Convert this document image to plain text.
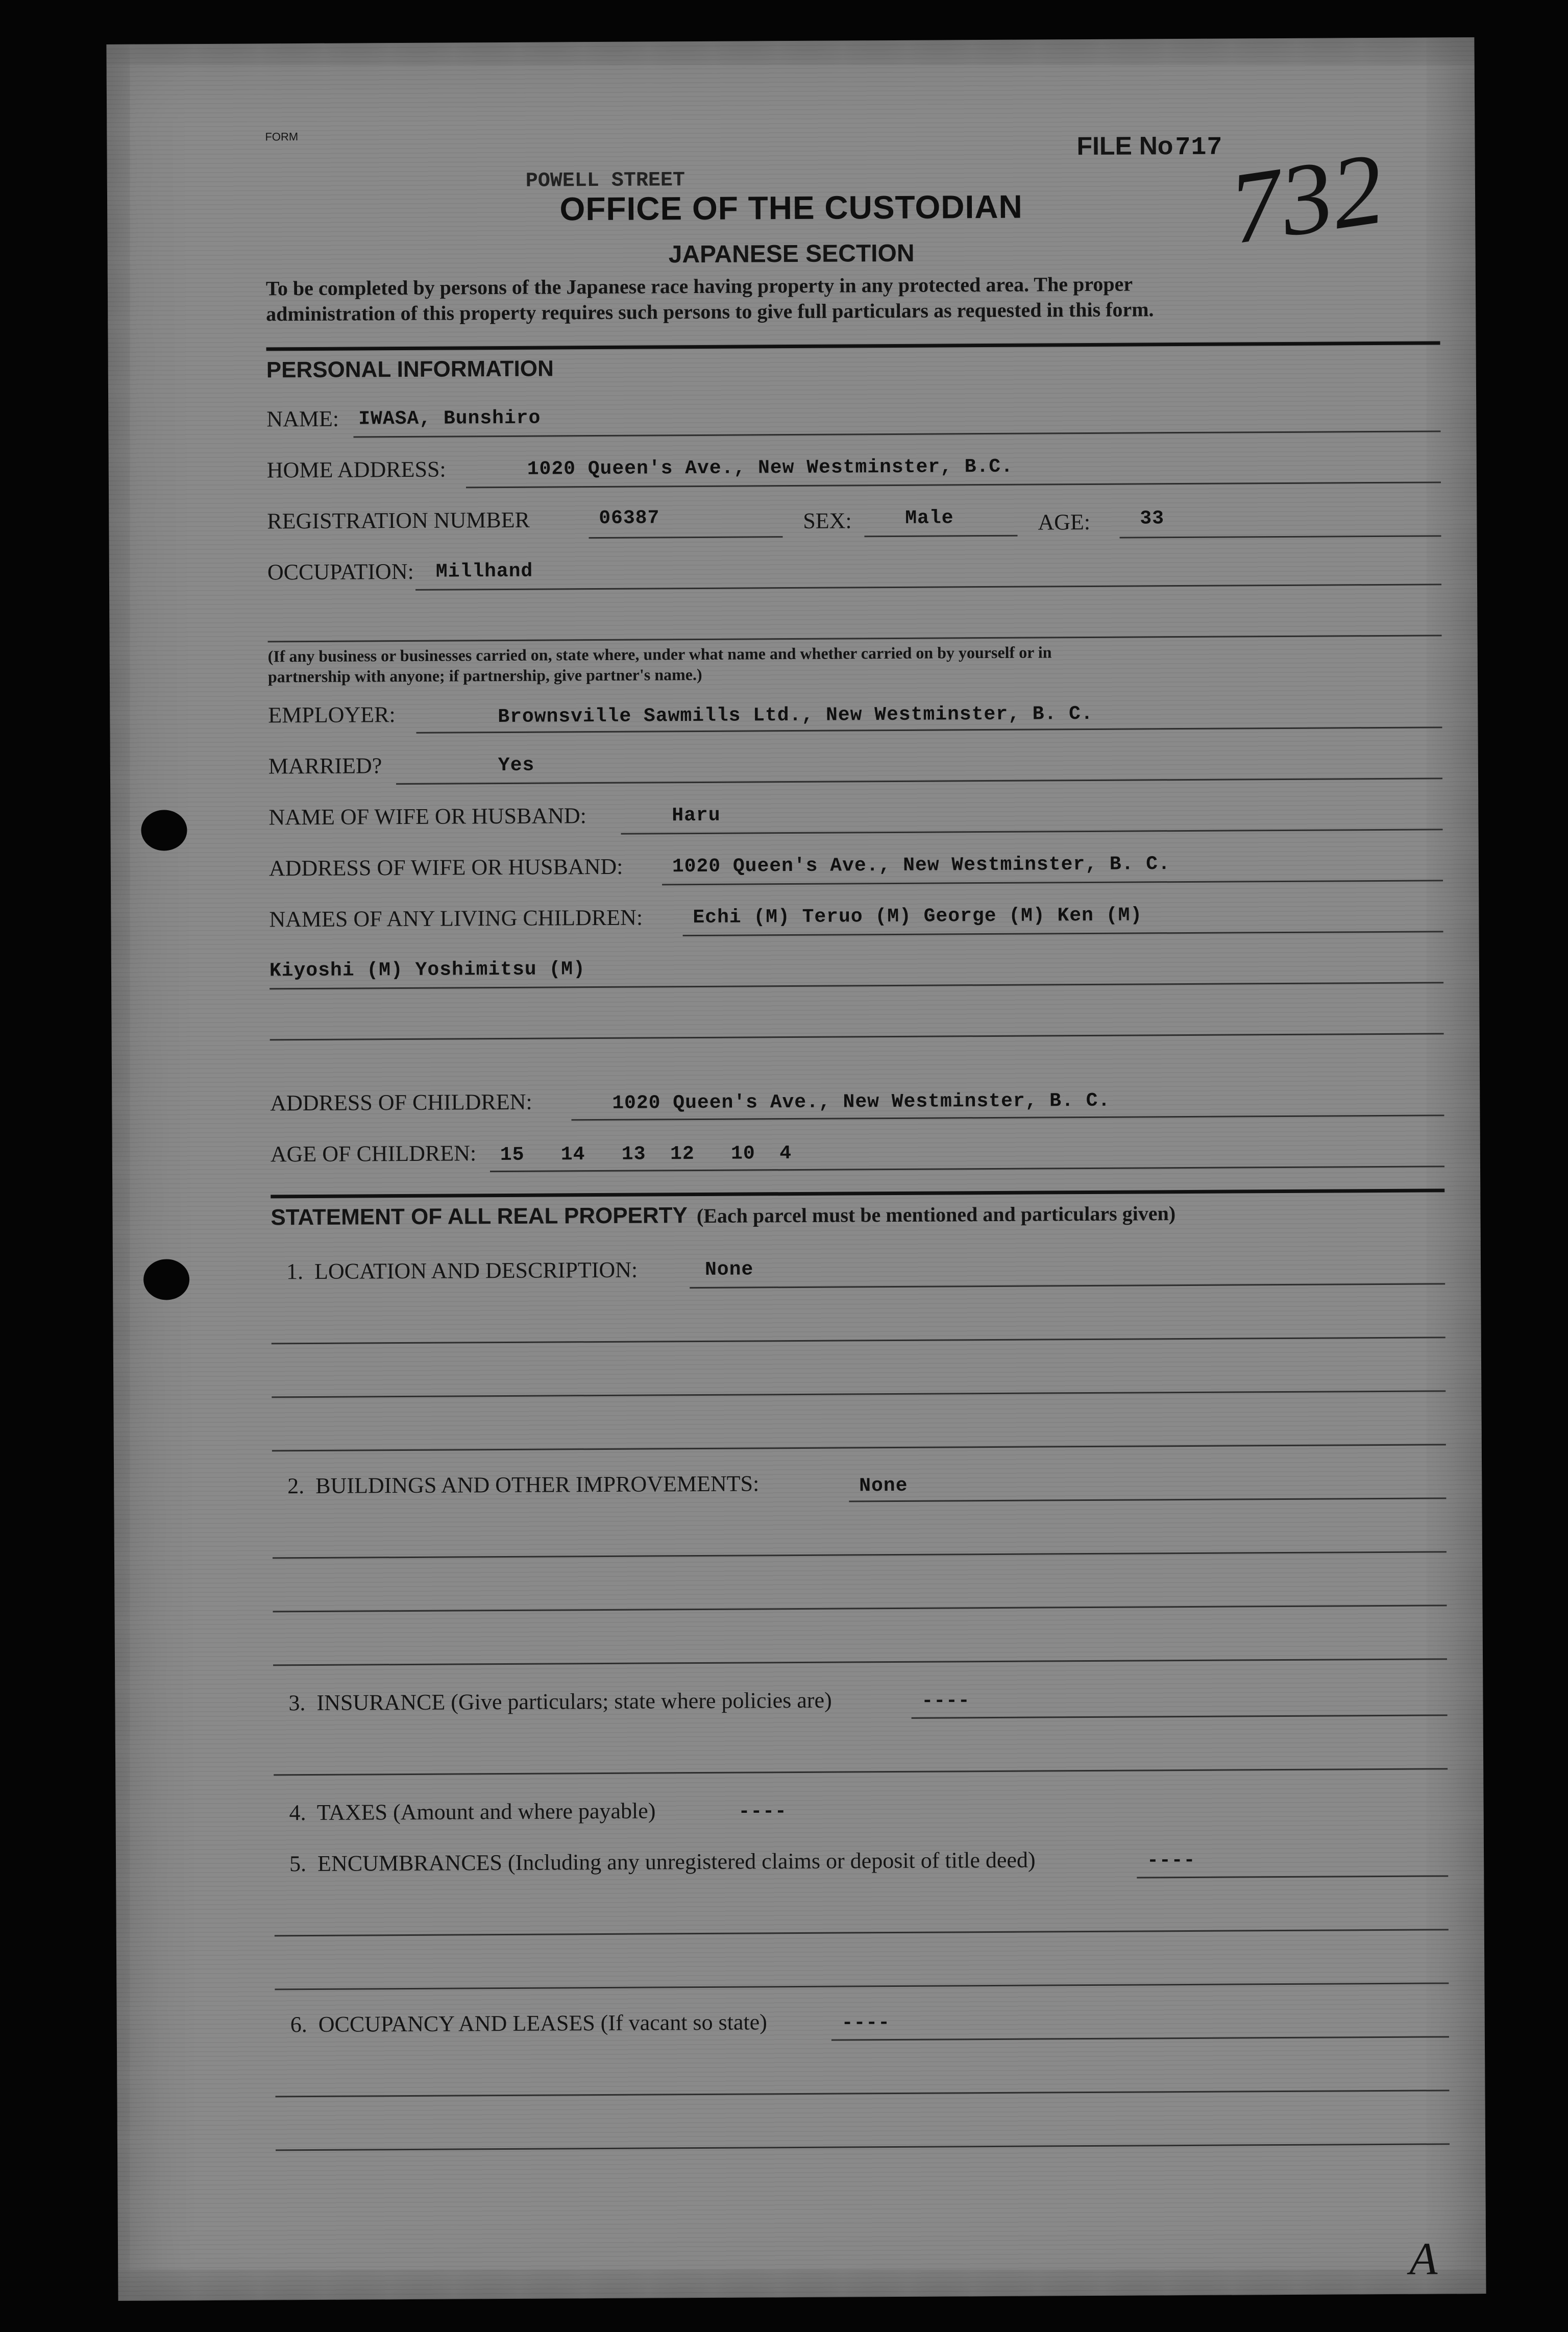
FORM	FILE No 717 732
POWELL STREET
OFFICE OF THE CUSTODIAN
JAPANESE SECTION
To be completed by persons of the Japanese race having property in any protected area. The proper
administration of this property requires such persons to give full particulars as requested in this form.
PERSONAL INFORMATION
NAME: IWASA, Bunshiro
HOME ADDRESS:	1020 Queen's Ave., New Westminster, B.C.
REGISTRATION NUMBER	06387	SEX:	Male	AGE:	33
OCCUPATION: Millhand
(If any business or businesses carried on, state where, under what name and whether carried on by yourself or in
partnership with anyone; if partnership, give partner's name.)
EMPLOYER:	Brownsville Sawmills Ltd., New Westminster, B. C.
MARRIED?	Yes
NAME OF WIFE OR HUSBAND:	Haru
ADDRESS OF WIFE OR HUSBAND:	1020 Queen's Ave., New Westminster, B. C.
NAMES OF ANY LIVING CHILDREN:	Echi (M) Teruo (M) George (M) Ken (M)
Kiyoshi (M) Yoshimitsu (M)
ADDRESS OF CHILDREN:	1020 Queen's Ave., New Westminster, B. C.
AGE OF CHILDREN: 15   14   13  12   10  4
STATEMENT OF ALL REAL PROPERTY (Each parcel must be mentioned and particulars given)
1.  LOCATION AND DESCRIPTION:	None
2.  BUILDINGS AND OTHER IMPROVEMENTS:	None
3.  INSURANCE (Give particulars; state where policies are)	----
4.  TAXES (Amount and where payable)	----
5.  ENCUMBRANCES (Including any unregistered claims or deposit of title deed)	----
6.  OCCUPANCY AND LEASES (If vacant so state)	----
A
